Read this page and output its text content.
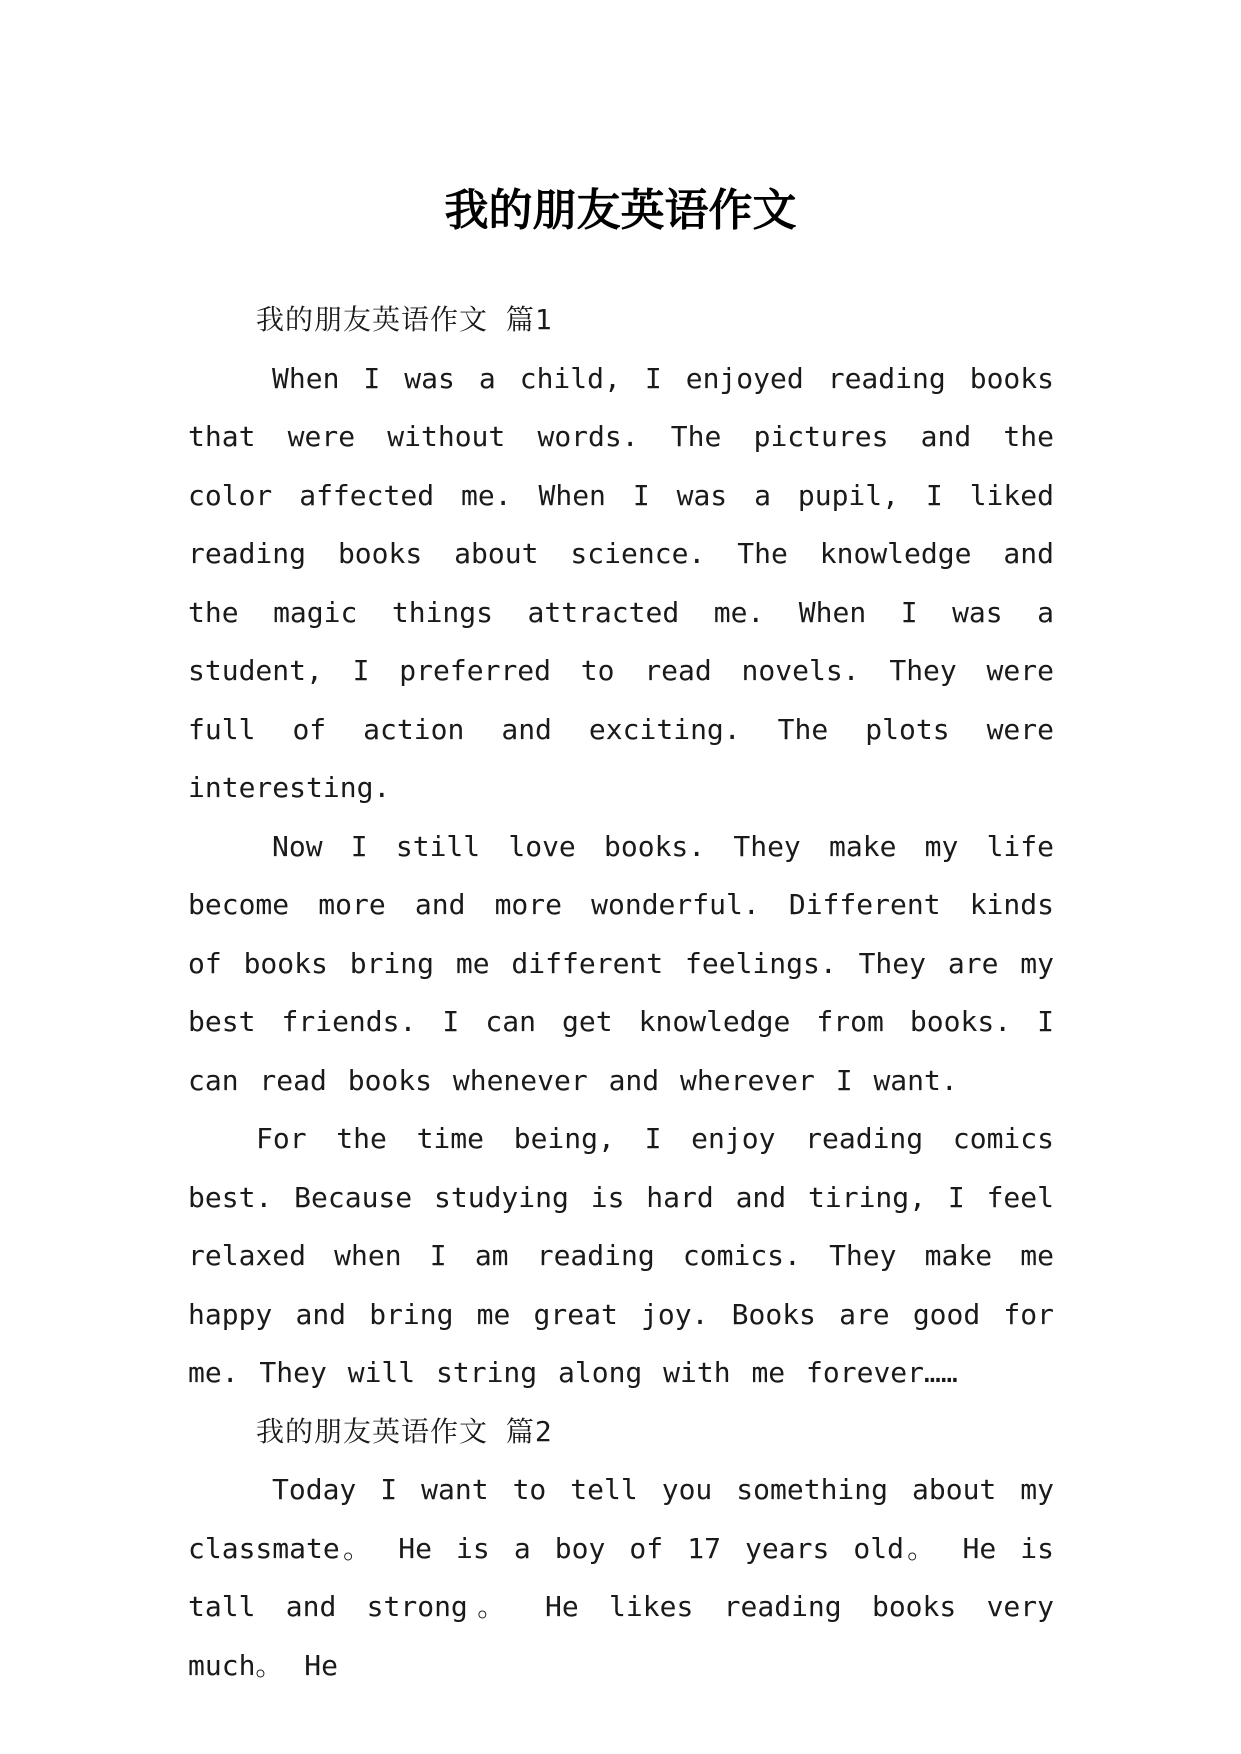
我的朋友英语作文

我的朋友英语作文 篇1

When I was a child, I enjoyed reading books that were without words. The pictures and the color affected me. When I was a pupil, I liked reading books about science. The knowledge and the magic things attracted me. When I was a student, I preferred to read novels. They were full of action and exciting. The plots were interesting.

Now I still love books. They make my life become more and more wonderful. Different kinds of books bring me different feelings. They are my best friends. I can get knowledge from books. I can read books whenever and wherever I want.

For the time being, I enjoy reading comics best. Because studying is hard and tiring, I feel relaxed when I am reading comics. They make me happy and bring me great joy. Books are good for me. They will string along with me forever……

我的朋友英语作文 篇2

Today I want to tell you something about my classmate。 He is a boy of 17 years old。 He is tall and strong。 He likes reading books very much。 He
